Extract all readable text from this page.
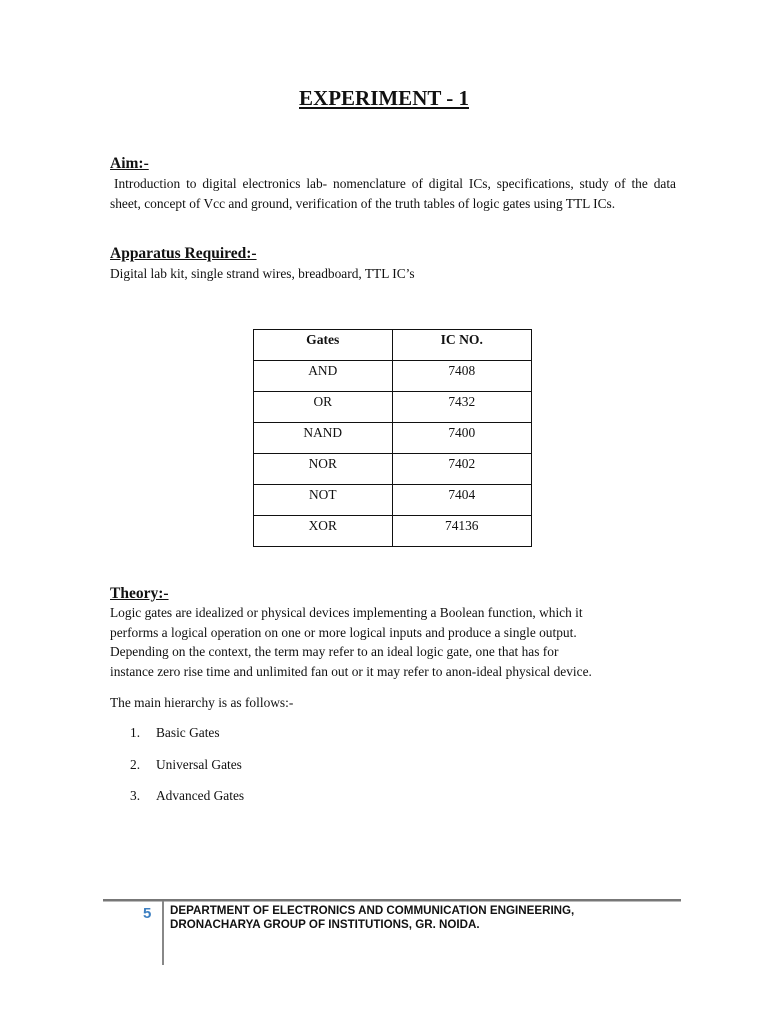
EXPERIMENT - 1
Aim:-
Introduction to digital electronics lab- nomenclature of digital ICs, specifications, study of the data sheet, concept of Vcc and ground, verification of the truth tables of logic gates using TTL ICs.
Apparatus Required:-
Digital lab kit, single strand wires, breadboard, TTL IC’s
Gates	IC NO.
AND	7408
OR	7432
NAND	7400
NOR	7402
NOT	7404
XOR	74136
Theory:-
Logic gates are idealized or physical devices implementing a Boolean function, which it
performs a logical operation on one or more logical inputs and produce a single output.
Depending on the context, the term may refer to an ideal logic gate, one that has for
instance zero rise time and unlimited fan out or it may refer to anon-ideal physical device.
The main hierarchy is as follows:-
1. Basic Gates
2. Universal Gates
3. Advanced Gates
5 DEPARTMENT OF ELECTRONICS AND COMMUNICATION ENGINEERING,
DRONACHARYA GROUP OF INSTITUTIONS, GR. NOIDA.
